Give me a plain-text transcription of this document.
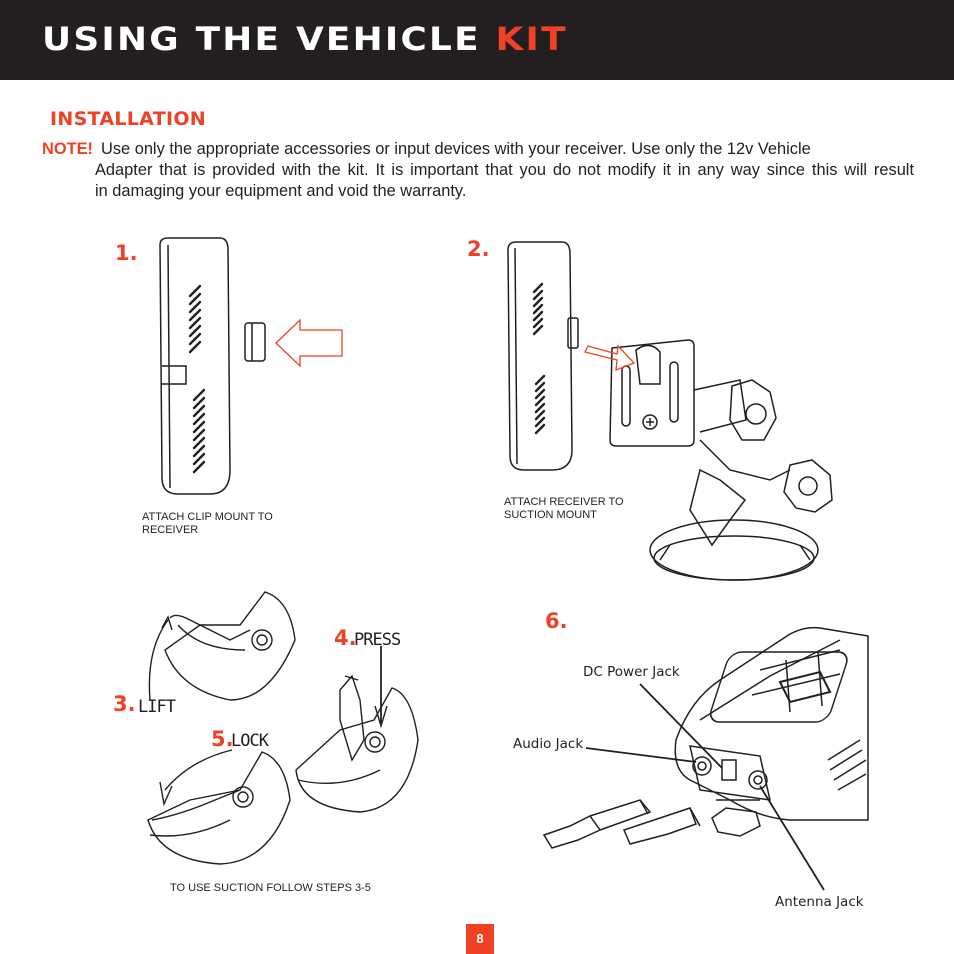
USING THE VEHICLE KIT
INSTALLATION
NOTE! Use only the appropriate accessories or input devices with your receiver. Use only the 12v Vehicle
Adapter that is provided with the kit. It is important that you do not modify it in any way since this will result
in damaging your equipment and void the warranty.
1.	2.
3. LIFT
4.
PRESS
5.
LOCK
6.
ATTACH CLIP MOUNT TO
RECEIVER
ATTACH RECEIVER TO
SUCTION MOUNT
TO USE SUCTION FOLLOW STEPS 3-5
DC Power Jack
Audio Jack
Antenna Jack
8
